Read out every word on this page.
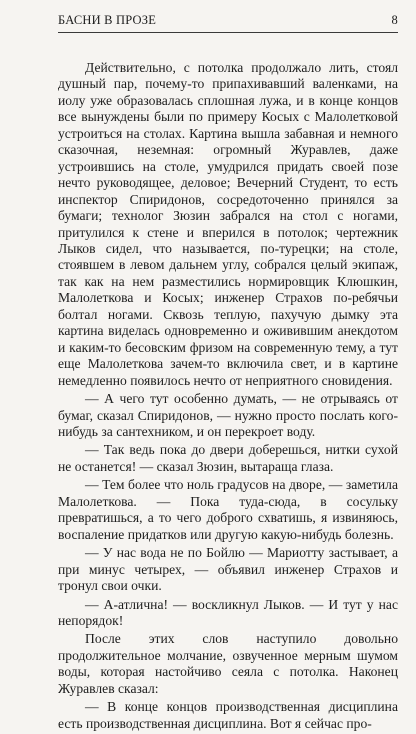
БАСНИ В ПРОЗЕ	8

Действительно, с потолка продолжало лить, стоял душный пар, почему-то припахивавший валенками, на иолу уже образовалась сплошная лужа, и в конце концов все вынуждены были по примеру Косых с Малолетковой устроиться на столах. Картина вышла забавная и немного сказочная, неземная: огромный Журавлев, даже устроившись на столе, умудрился придать своей позе нечто руководящее, деловое; Вечерний Студент, то есть инспектор Спиридонов, сосредоточенно принялся за бумаги; технолог Зюзин забрался на стол с ногами, притулился к стене и вперился в потолок; чертежник Лыков сидел, что называется, по-турецки; на столе, стоявшем в левом дальнем углу, собрался целый экипаж, так как на нем разместились нормировщик Клюшкин, Малолеткова и Косых; инженер Страхов по-ребячьи болтал ногами. Сквозь теплую, пахучую дымку эта картина виделась одновременно и оживившим анекдотом и каким-то бесовским фризом на современную тему, а тут еще Малолеткова зачем-то включила свет, и в картине немедленно появилось нечто от неприятного сновидения.

— А чего тут особенно думать, — не отрываясь от бумаг, сказал Спиридонов, — нужно просто послать кого-нибудь за сантехником, и он перекроет воду.

— Так ведь пока до двери доберешься, нитки сухой не останется! — сказал Зюзин, вытараща глаза.

— Тем более что ноль градусов на дворе, — заметила Малолеткова. — Пока туда-сюда, в сосульку превратишься, а то чего доброго схватишь, я извиняюсь, воспаление придатков или другую какую-нибудь болезнь.

— У нас вода не по Бойлю — Мариотту застывает, а при минус четырех, — объявил инженер Страхов и тронул свои очки.

— А-атлична! — воскликнул Лыков. — И тут у нас непорядок!

После этих слов наступило довольно продолжительное молчание, озвученное мерным шумом воды, которая настойчиво сеяла с потолка. Наконец Журавлев сказал:

— В конце концов производственная дисциплина есть производственная дисциплина. Вот я сейчас про-
